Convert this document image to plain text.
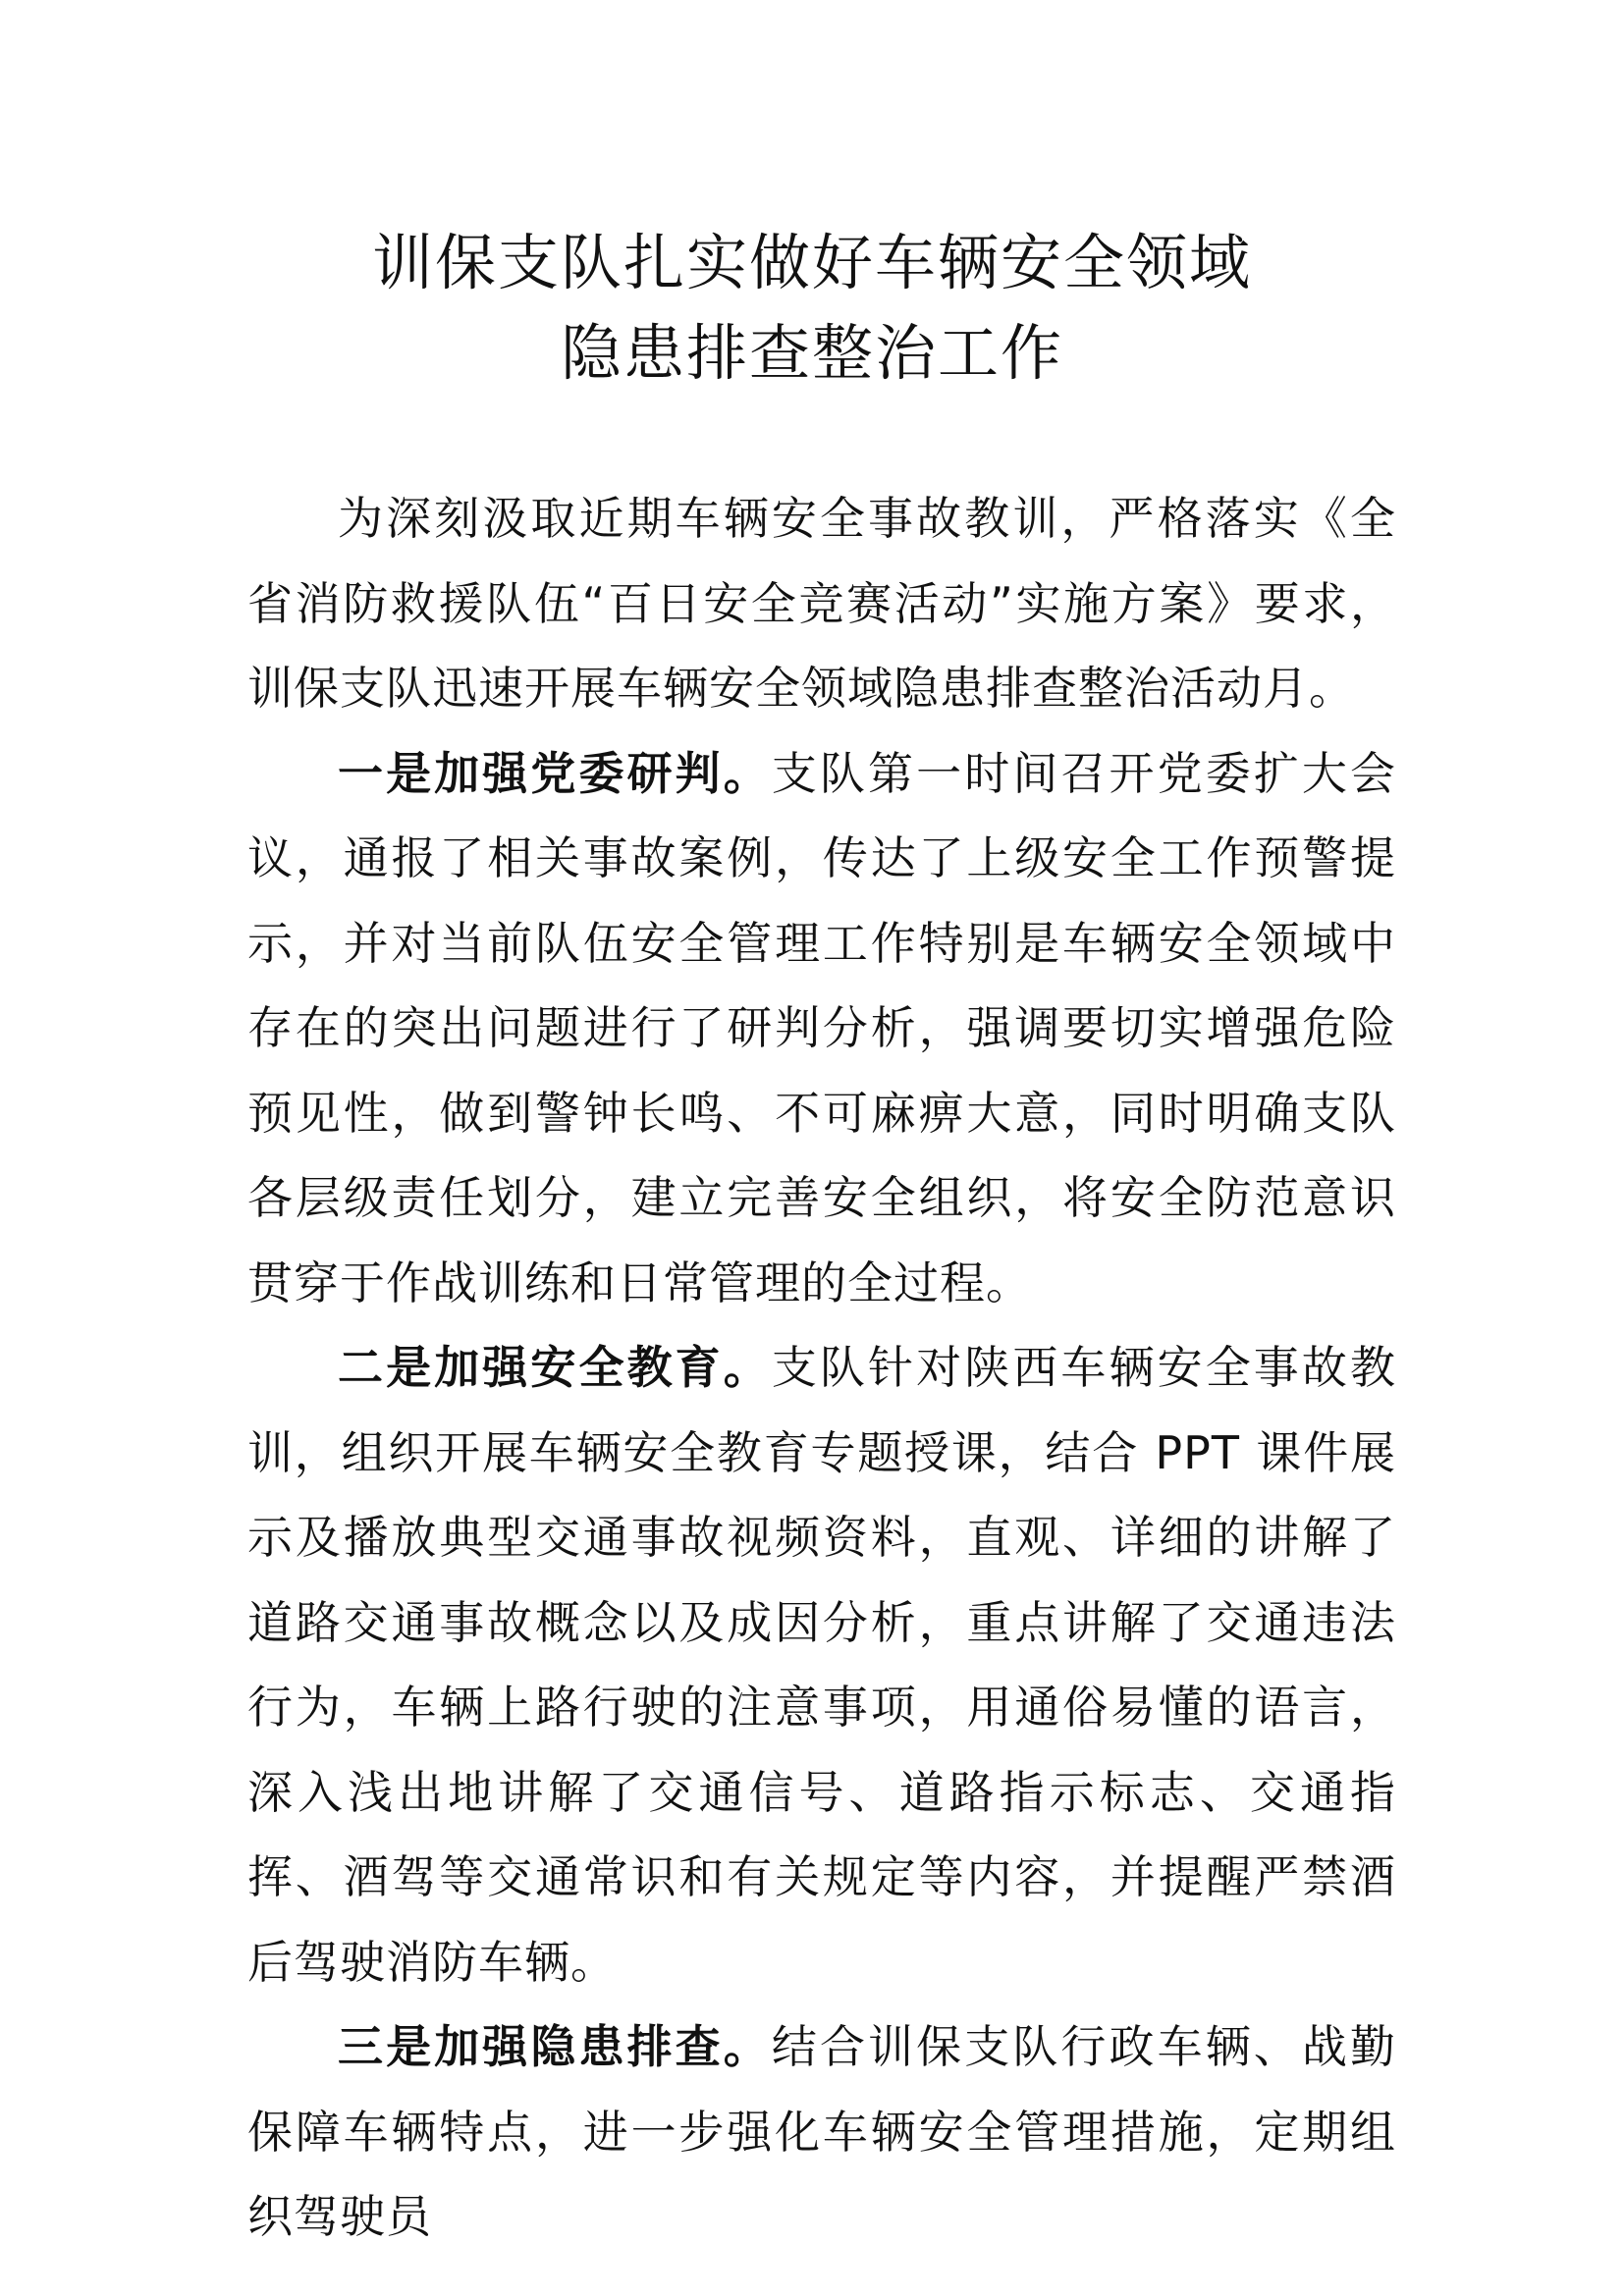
训保支队扎实做好车辆安全领域
隐患排查整治工作

为深刻汲取近期车辆安全事故教训，严格落实《全省消防救援队伍“百日安全竞赛活动”实施方案》要求，训保支队迅速开展车辆安全领域隐患排查整治活动月。

一是加强党委研判。支队第一时间召开党委扩大会议，通报了相关事故案例，传达了上级安全工作预警提示，并对当前队伍安全管理工作特别是车辆安全领域中存在的突出问题进行了研判分析，强调要切实增强危险预见性，做到警钟长鸣、不可麻痹大意，同时明确支队各层级责任划分，建立完善安全组织，将安全防范意识贯穿于作战训练和日常管理的全过程。

二是加强安全教育。支队针对陕西车辆安全事故教训，组织开展车辆安全教育专题授课，结合 PPT 课件展示及播放典型交通事故视频资料，直观、详细的讲解了道路交通事故概念以及成因分析，重点讲解了交通违法行为，车辆上路行驶的注意事项，用通俗易懂的语言，深入浅出地讲解了交通信号、道路指示标志、交通指挥、酒驾等交通常识和有关规定等内容，并提醒严禁酒后驾驶消防车辆。

三是加强隐患排查。结合训保支队行政车辆、战勤保障车辆特点，进一步强化车辆安全管理措施，定期组织驾驶员
